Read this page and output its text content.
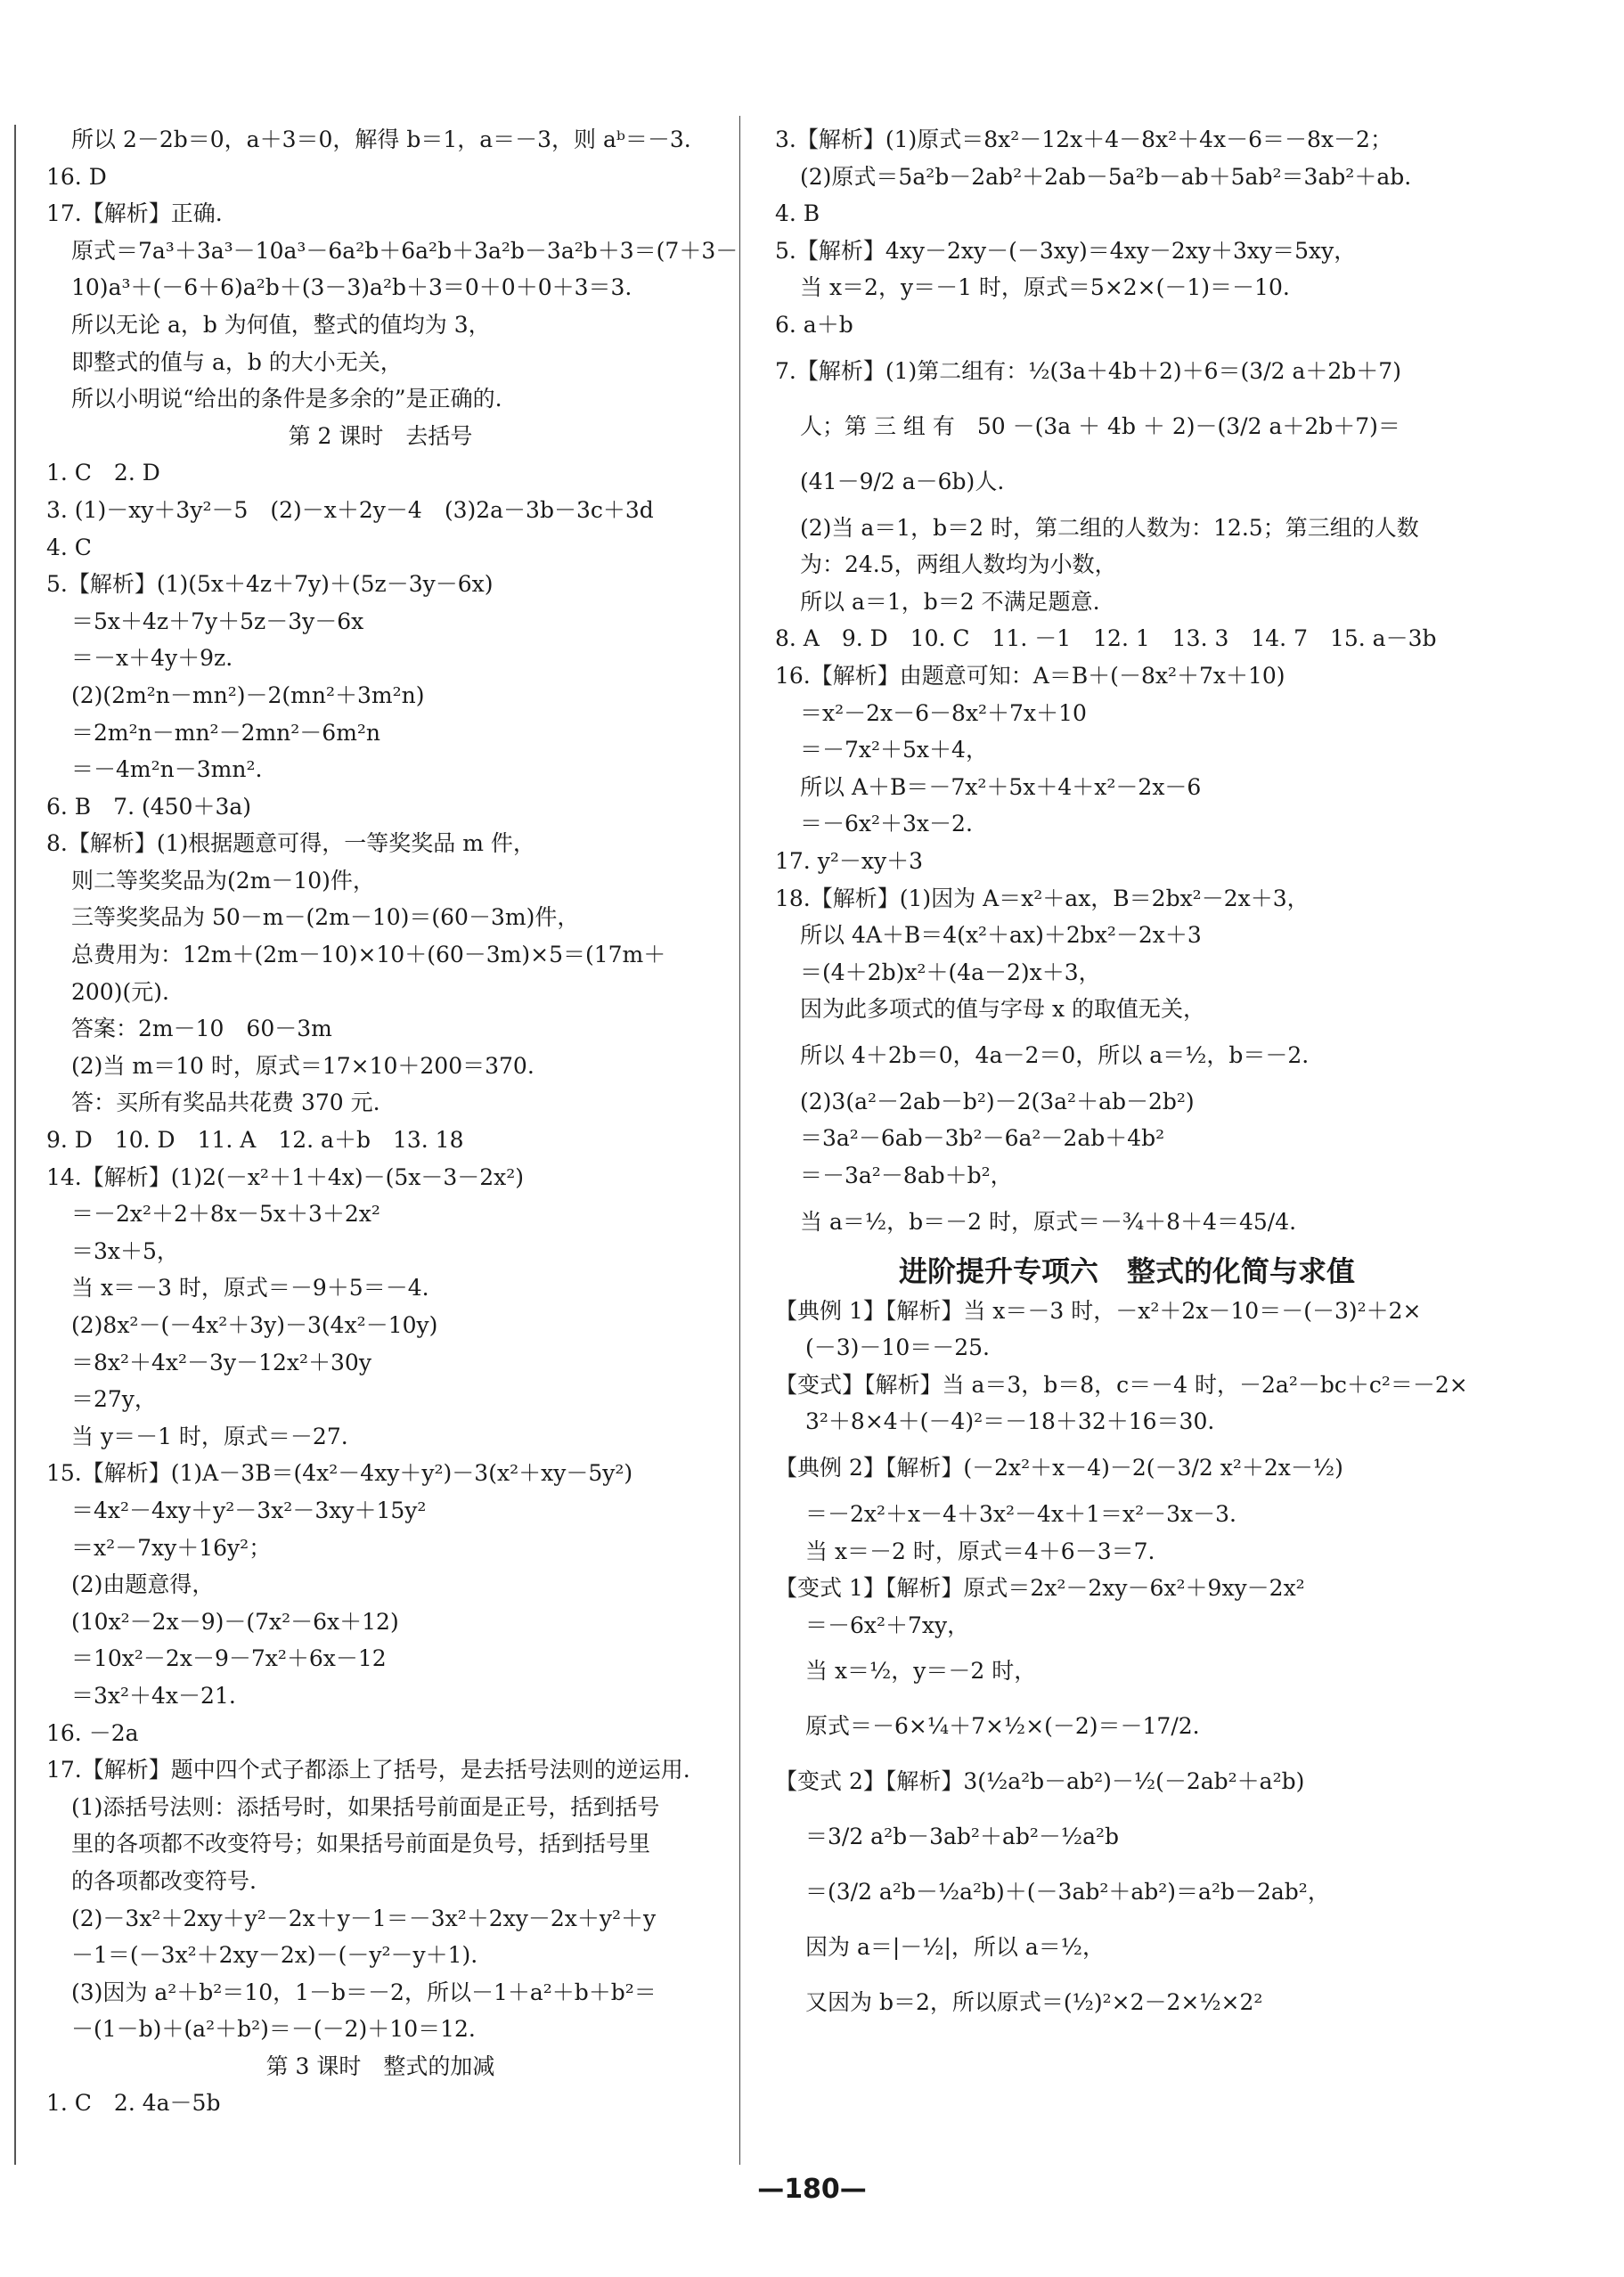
所以 2－2b＝0，a＋3＝0，解得 b＝1，a＝－3，则 aᵇ＝－3.
16. D
17.【解析】正确.
原式＝7a³＋3a³－10a³－6a²b＋6a²b＋3a²b－3a²b＋3＝(7＋3－
10)a³＋(－6＋6)a²b＋(3－3)a²b＋3＝0＋0＋0＋3＝3.
所以无论 a，b 为何值，整式的值均为 3，
即整式的值与 a，b 的大小无关，
所以小明说“给出的条件是多余的”是正确的.
第 2 课时　去括号
1. C　2. D
3. (1)－xy＋3y²－5　(2)－x＋2y－4　(3)2a－3b－3c＋3d
4. C
5.【解析】(1)(5x＋4z＋7y)＋(5z－3y－6x)
＝5x＋4z＋7y＋5z－3y－6x
＝－x＋4y＋9z.
(2)(2m²n－mn²)－2(mn²＋3m²n)
＝2m²n－mn²－2mn²－6m²n
＝－4m²n－3mn².
6. B　7. (450＋3a)
8.【解析】(1)根据题意可得，一等奖奖品 m 件，
则二等奖奖品为(2m－10)件，
三等奖奖品为 50－m－(2m－10)＝(60－3m)件，
总费用为：12m＋(2m－10)×10＋(60－3m)×5＝(17m＋
200)(元).
答案：2m－10　60－3m
(2)当 m＝10 时，原式＝17×10＋200＝370.
答：买所有奖品共花费 370 元.
9. D　10. D　11. A　12. a＋b　13. 18
14.【解析】(1)2(－x²＋1＋4x)－(5x－3－2x²)
＝－2x²＋2＋8x－5x＋3＋2x²
＝3x＋5，
当 x＝－3 时，原式＝－9＋5＝－4.
(2)8x²－(－4x²＋3y)－3(4x²－10y)
＝8x²＋4x²－3y－12x²＋30y
＝27y，
当 y＝－1 时，原式＝－27.
15.【解析】(1)A－3B＝(4x²－4xy＋y²)－3(x²＋xy－5y²)
＝4x²－4xy＋y²－3x²－3xy＋15y²
＝x²－7xy＋16y²；
(2)由题意得，
(10x²－2x－9)－(7x²－6x＋12)
＝10x²－2x－9－7x²＋6x－12
＝3x²＋4x－21.
16. －2a
17.【解析】题中四个式子都添上了括号，是去括号法则的逆运用.
(1)添括号法则：添括号时，如果括号前面是正号，括到括号
里的各项都不改变符号；如果括号前面是负号，括到括号里
的各项都改变符号.
(2)－3x²＋2xy＋y²－2x＋y－1＝－3x²＋2xy－2x＋y²＋y
－1＝(－3x²＋2xy－2x)－(－y²－y＋1).
(3)因为 a²＋b²＝10，1－b＝－2，所以－1＋a²＋b＋b²＝
－(1－b)＋(a²＋b²)＝－(－2)＋10＝12.
第 3 课时　整式的加减
1. C　2. 4a－5b
3.【解析】(1)原式＝8x²－12x＋4－8x²＋4x－6＝－8x－2；
(2)原式＝5a²b－2ab²＋2ab－5a²b－ab＋5ab²＝3ab²＋ab.
4. B
5.【解析】4xy－2xy－(－3xy)＝4xy－2xy＋3xy＝5xy，
当 x＝2，y＝－1 时，原式＝5×2×(－1)＝－10.
6. a＋b
7.【解析】(1)第二组有：½(3a＋4b＋2)＋6＝(3/2 a＋2b＋7)
人；第 三 组 有　50 －(3a ＋ 4b ＋ 2)－(3/2 a＋2b＋7)＝
(41－9/2 a－6b)人.
(2)当 a＝1，b＝2 时，第二组的人数为：12.5；第三组的人数
为：24.5，两组人数均为小数，
所以 a＝1，b＝2 不满足题意.
8. A　9. D　10. C　11. －1　12. 1　13. 3　14. 7　15. a－3b
16.【解析】由题意可知：A＝B＋(－8x²＋7x＋10)
＝x²－2x－6－8x²＋7x＋10
＝－7x²＋5x＋4，
所以 A＋B＝－7x²＋5x＋4＋x²－2x－6
＝－6x²＋3x－2.
17. y²－xy＋3
18.【解析】(1)因为 A＝x²＋ax，B＝2bx²－2x＋3，
所以 4A＋B＝4(x²＋ax)＋2bx²－2x＋3
＝(4＋2b)x²＋(4a－2)x＋3，
因为此多项式的值与字母 x 的取值无关，
所以 4＋2b＝0，4a－2＝0，所以 a＝½，b＝－2.
(2)3(a²－2ab－b²)－2(3a²＋ab－2b²)
＝3a²－6ab－3b²－6a²－2ab＋4b²
＝－3a²－8ab＋b²，
当 a＝½，b＝－2 时，原式＝－¾＋8＋4＝45/4.
进阶提升专项六　整式的化简与求值
【典例 1】【解析】当 x＝－3 时，－x²＋2x－10＝－(－3)²＋2×
(－3)－10＝－25.
【变式】【解析】当 a＝3，b＝8，c＝－4 时，－2a²－bc＋c²＝－2×
3²＋8×4＋(－4)²＝－18＋32＋16＝30.
【典例 2】【解析】(－2x²＋x－4)－2(－3/2 x²＋2x－½)
＝－2x²＋x－4＋3x²－4x＋1＝x²－3x－3.
当 x＝－2 时，原式＝4＋6－3＝7.
【变式 1】【解析】原式＝2x²－2xy－6x²＋9xy－2x²
＝－6x²＋7xy，
当 x＝½，y＝－2 时，
原式＝－6×¼＋7×½×(－2)＝－17/2.
【变式 2】【解析】3(½a²b－ab²)－½(－2ab²＋a²b)
＝3/2 a²b－3ab²＋ab²－½a²b
＝(3/2 a²b－½a²b)＋(－3ab²＋ab²)＝a²b－2ab²，
因为 a＝|－½|，所以 a＝½，
又因为 b＝2，所以原式＝(½)²×2－2×½×2²
—180—
